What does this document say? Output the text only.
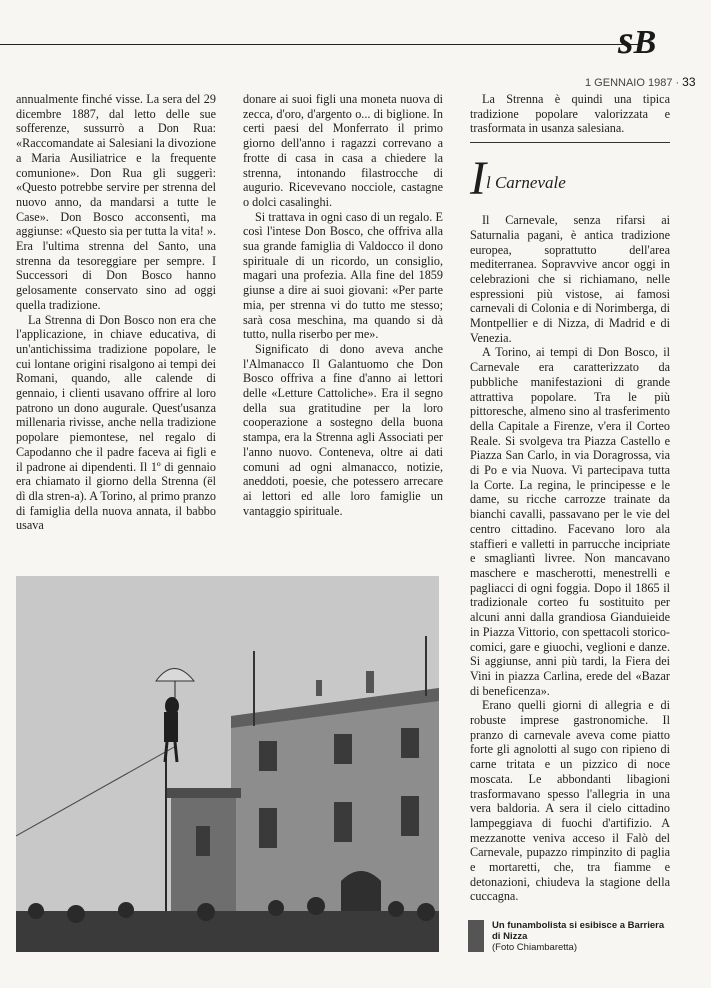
sB
1 GENNAIO 1987 · 33

annualmente finché visse. La sera del 29 dicembre 1887, dal letto delle sue sofferenze, sussurrò a Don Rua: «Raccomandate ai Salesiani la divozione a Maria Ausiliatrice e la frequente comunione». Don Rua gli suggerì: «Questo potrebbe servire per strenna del nuovo anno, da mandarsi a tutte le Case». Don Bosco acconsentì, ma aggiunse: «Questo sia per tutta la vita! ». Era l'ultima strenna del Santo, una strenna da tesoreggiare per sempre. I Successori di Don Bosco hanno gelosamente conservato sino ad oggi quella tradizione.

La Strenna di Don Bosco non era che l'applicazione, in chiave educativa, di un'antichissima tradizione popolare, le cui lontane origini risalgono ai tempi dei Romani, quando, alle calende di gennaio, i clienti usavano offrire al loro patrono un dono augurale. Quest'usanza millenaria rivisse, anche nella tradizione popolare piemontese, nel regalo di Capodanno che il padre faceva ai figli e il padrone ai dipendenti. Il 1º di gennaio era chiamato il giorno della Strenna (ël dì dla stren-a). A Torino, al primo pranzo di famiglia della nuova annata, il babbo usava

donare ai suoi figli una moneta nuova di zecca, d'oro, d'argento o... di biglione. In certi paesi del Monferrato il primo giorno dell'anno i ragazzi correvano a frotte di casa in casa a chiedere la strenna, intonando filastrocche di augurio. Ricevevano nocciole, castagne o dolci casalinghi.

Si trattava in ogni caso di un regalo. E così l'intese Don Bosco, che offriva alla sua grande famiglia di Valdocco il dono spirituale di un ricordo, un consiglio, magari una profezia. Alla fine del 1859 giunse a dire ai suoi giovani: «Per parte mia, per strenna vi do tutto me stesso; sarà cosa meschina, ma quando si dà tutto, nulla riserbo per me».

Significato di dono aveva anche l'Almanacco Il Galantuomo che Don Bosco offriva a fine d'anno ai lettori delle «Letture Cattoliche». Era il segno della sua gratitudine per la loro cooperazione a sostegno della buona stampa, era la Strenna agli Associati per l'anno nuovo. Conteneva, oltre ai dati comuni ad ogni almanacco, notizie, aneddoti, poesie, che potessero arrecare ai lettori ed alle loro famiglie un vantaggio spirituale.

La Strenna è quindi una tipica tradizione popolare valorizzata e trasformata in usanza salesiana.

Il Carnevale

Il Carnevale, senza rifarsi ai Saturnalia pagani, è antica tradizione europea, soprattutto dell'area mediterranea. Sopravvive ancor oggi in celebrazioni che si richiamano, nelle espressioni più vistose, ai famosi carnevali di Colonia e di Norimberga, di Montpellier e di Nizza, di Madrid e di Venezia.

A Torino, ai tempi di Don Bosco, il Carnevale era caratterizzato da pubbliche manifestazioni di grande attrattiva popolare. Tra le più pittoresche, almeno sino al trasferimento della Capitale a Firenze, v'era il Corteo Reale. Si svolgeva tra Piazza Castello e Piazza San Carlo, in via Doragrossa, via di Po e via Nuova. Vi partecipava tutta la Corte. La regina, le principesse e le dame, su ricche carrozze trainate da bianchi cavalli, passavano per le vie del centro cittadino. Facevano loro ala staffieri e valletti in parrucche incipriate e smagliantì livree. Non mancavano maschere e mascherotti, menestrelli e pagliacci di ogni foggia. Dopo il 1865 il tradizionale corteo fu sostituito per alcuni anni dalla grandiosa Gianduieide in Piazza Vittorio, con spettacoli storico-comici, gare e giuochi, veglioni e danze. Si aggiunse, anni più tardi, la Fiera dei Vini in piazza Carlina, erede del «Bazar di beneficenza».

Erano quelli giorni di allegria e di robuste imprese gastronomiche. Il pranzo di carnevale aveva come piatto forte gli agnolotti al sugo con ripieno di carne tritata e un pizzico di noce moscata. Le abbondanti libagioni trasformavano spesso l'allegria in una vera baldoria. A sera il cielo cittadino lampeggiava di fuochi d'artifizio. A mezzanotte veniva acceso il Falò del Carnevale, pupazzo rimpinzito di paglia e mortaretti, che, tra fiamme e detonazioni, chiudeva la stagione della cuccagna.

Un funambolista si esibisce a Barriera di Nizza
(Foto Chiambaretta)
